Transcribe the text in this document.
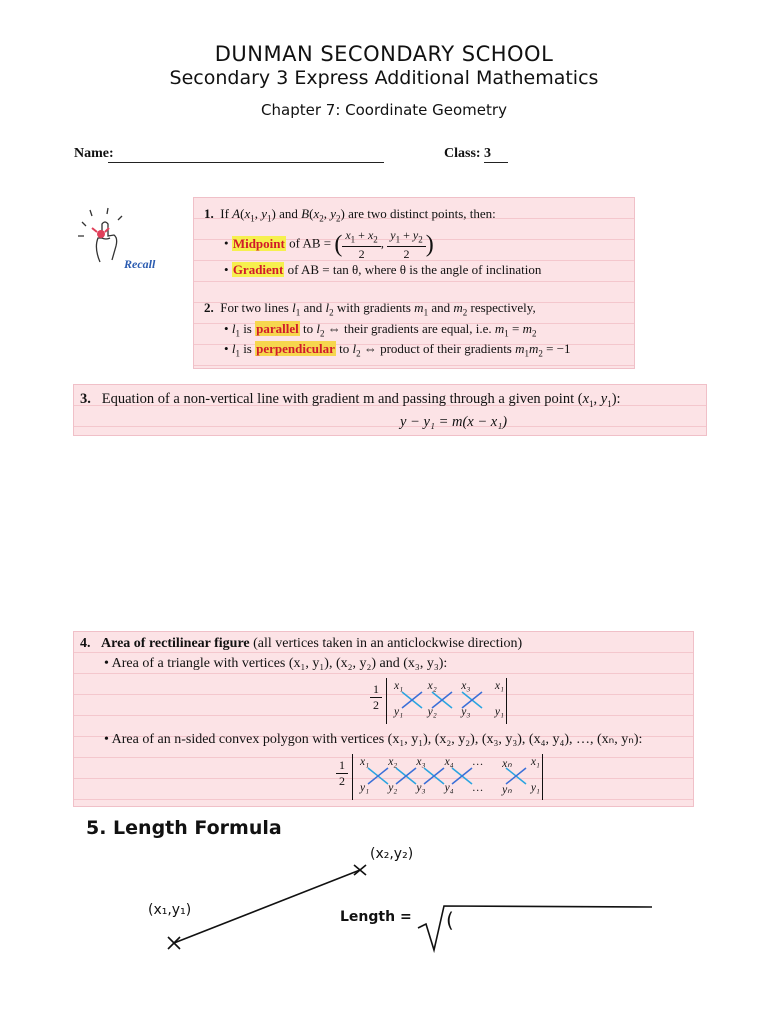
DUNMAN SECONDARY SCHOOL
Secondary 3 Express Additional Mathematics
Chapter 7: Coordinate Geometry
Name:	Class: 3
Recall
1.  If $A(x_1$, $y_1$) and $B(x_2$, $y_2$) are two distinct points, then:
• Midpoint of AB = ( $\frac{x_1 + x_2}{2}$ , $\frac{y_1 + y_2}{2}$ )
• Gradient of AB = tan θ, where θ is the angle of inclination
2.  For two lines $l_1$ and $l_2$ with gradients $m_1$ and $m_2$ respectively,
• $l_1$ is parallel to $l_2$ ⇔ their gradients are equal, i.e. $m_1 = m_2$
• $l_1$ is perpendicular to $l_2$ ⇔ product of their gradients $m_1m_2 = -1$
3. Equation of a non-vertical line with gradient m and passing through a given point ($x_1$, $y_1$):
y − y₁ = m(x − x₁)
4. Area of rectilinear figure (all vertices taken in an anticlockwise direction)
• Area of a triangle with vertices (x₁, y₁), (x₂, y₂) and (x₃, y₃):
$\frac{1}{2} x_1$ x₂ x₃ x₁
y₁ y₂ y₃ y₁
• Area of an n-sided convex polygon with vertices (x₁, y₁), (x₂, y₂), (x₃, y₃), (x₄, y₄), …, (xₙ, yₙ):
$\frac{1}{2} x_1$ x₂ x₃ x₄ … xₙ x₁
y₁ y₂ y₃ y₄ … yₙ y₁
5. Length Formula
(x₂,y₂)
(x₁,y₁)	Length = (
